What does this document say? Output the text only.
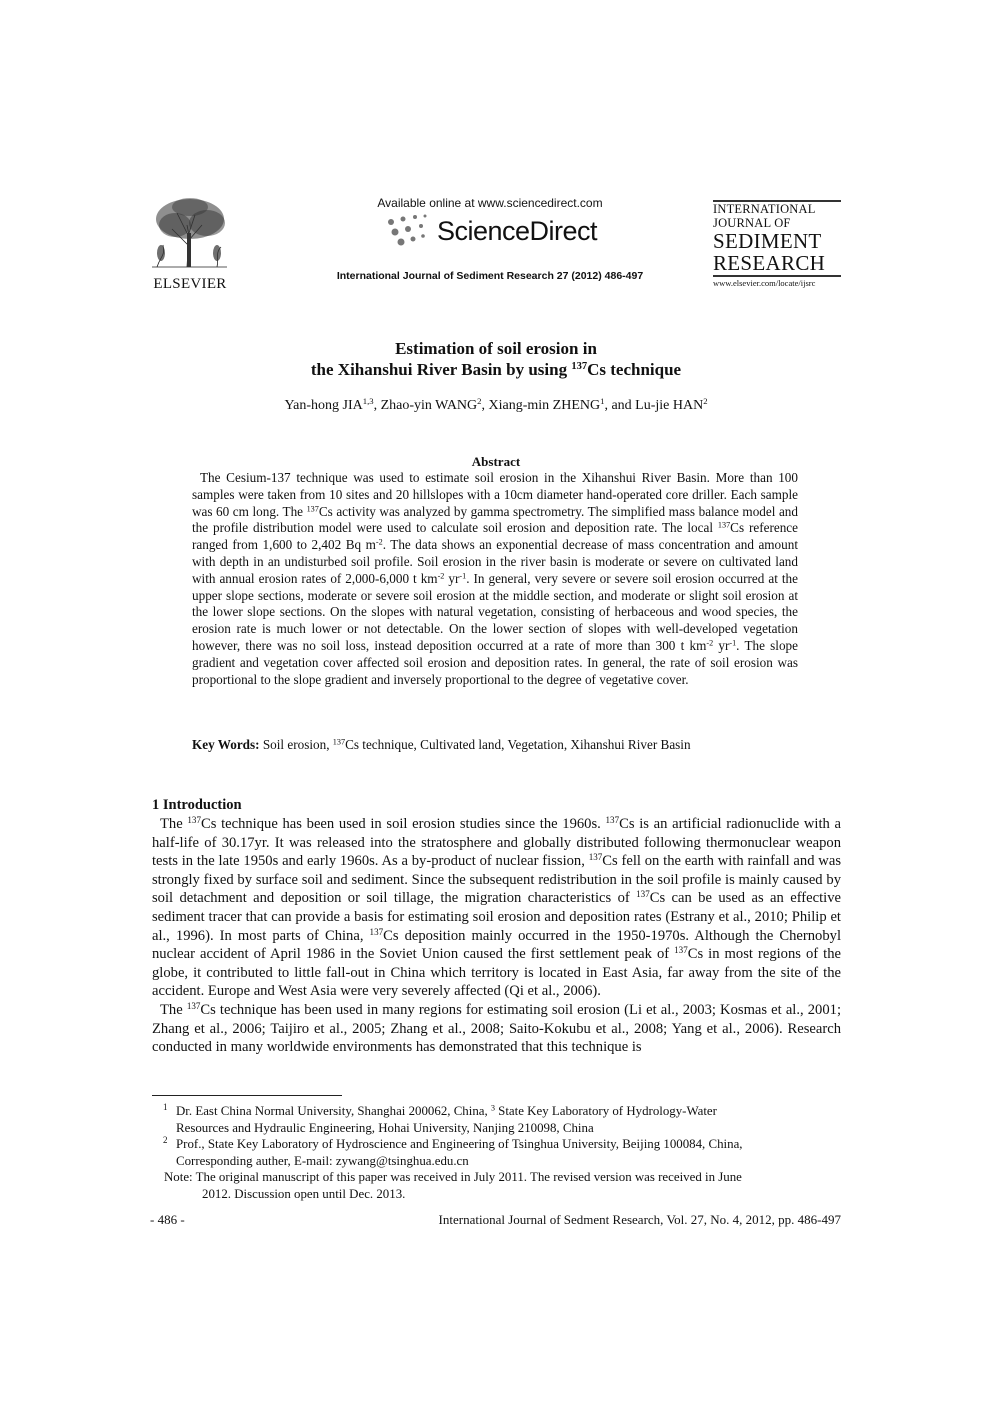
ELSEVIER
Available online at www.sciencedirect.com
ScienceDirect
International Journal of Sediment Research 27 (2012) 486-497
INTERNATIONAL
JOURNAL OF
SEDIMENT
RESEARCH
www.elsevier.com/locate/ijsrc
Estimation of soil erosion in
the Xihanshui River Basin by using $^{137}$Cs technique
Yan-hong JIA$^{1,3}$, Zhao-yin WANG$^2$, Xiang-min ZHENG$^1$, and Lu-jie HAN$^2$
Abstract

The Cesium-137 technique was used to estimate soil erosion in the Xihanshui River Basin. More than 100 samples were taken from 10 sites and 20 hillslopes with a 10cm diameter hand-operated core driller. Each sample was 60 cm long. The $^{137}$Cs activity was analyzed by gamma spectrometry. The simplified mass balance model and the profile distribution model were used to calculate soil erosion and deposition rate. The local $^{137}$Cs reference ranged from 1,600 to 2,402 Bq $m^{-2}$. The data shows an exponential decrease of mass concentration and amount with depth in an undisturbed soil profile. Soil erosion in the river basin is moderate or severe on cultivated land with annual erosion rates of 2,000-6,000 t $km^{-2}$ $yr^{-1}$. In general, very severe or severe soil erosion occurred at the upper slope sections, moderate or severe soil erosion at the middle section, and moderate or slight soil erosion at the lower slope sections. On the slopes with natural vegetation, consisting of herbaceous and wood species, the erosion rate is much lower or not detectable. On the lower section of slopes with well-developed vegetation however, there was no soil loss, instead deposition occurred at a rate of more than 300 t $km^{-2}$ $yr^{-1}$. The slope gradient and vegetation cover affected soil erosion and deposition rates. In general, the rate of soil erosion was proportional to the slope gradient and inversely proportional to the degree of vegetative cover.

Key Words: Soil erosion, $^{137}$Cs technique, Cultivated land, Vegetation, Xihanshui River Basin
1 Introduction

The $^{137}$Cs technique has been used in soil erosion studies since the 1960s. $^{137}$Cs is an artificial radionuclide with a half-life of 30.17yr. It was released into the stratosphere and globally distributed following thermonuclear weapon tests in the late 1950s and early 1960s. As a by-product of nuclear fission, $^{137}$Cs fell on the earth with rainfall and was strongly fixed by surface soil and sediment. Since the subsequent redistribution in the soil profile is mainly caused by soil detachment and deposition or soil tillage, the migration characteristics of $^{137}$Cs can be used as an effective sediment tracer that can provide a basis for estimating soil erosion and deposition rates (Estrany et al., 2010; Philip et al., 1996). In most parts of China, $^{137}$Cs deposition mainly occurred in the 1950-1970s. Although the Chernobyl nuclear accident of April 1986 in the Soviet Union caused the first settlement peak of $^{137}$Cs in most regions of the globe, it contributed to little fall-out in China which territory is located in East Asia, far away from the site of the accident. Europe and West Asia were very severely affected (Qi et al., 2006).

The $^{137}$Cs technique has been used in many regions for estimating soil erosion (Li et al., 2003; Kosmas et al., 2001; Zhang et al., 2006; Taijiro et al., 2005; Zhang et al., 2008; Saito-Kokubu et al., 2008; Yang et al., 2006). Research conducted in many worldwide environments has demonstrated that this technique is

1 Dr. East China Normal University, Shanghai 200062, China, $^3$ State Key Laboratory of Hydrology-Water
Resources and Hydraulic Engineering, Hohai University, Nanjing 210098, China
2 Prof., State Key Laboratory of Hydroscience and Engineering of Tsinghua University, Beijing 100084, China,
Corresponding auther, E-mail: zywang@tsinghua.edu.cn
Note: The original manuscript of this paper was received in July 2011. The revised version was received in June
2012. Discussion open until Dec. 2013.
- 486 -	International Journal of Sedment Research, Vol. 27, No. 4, 2012, pp. 486-497
